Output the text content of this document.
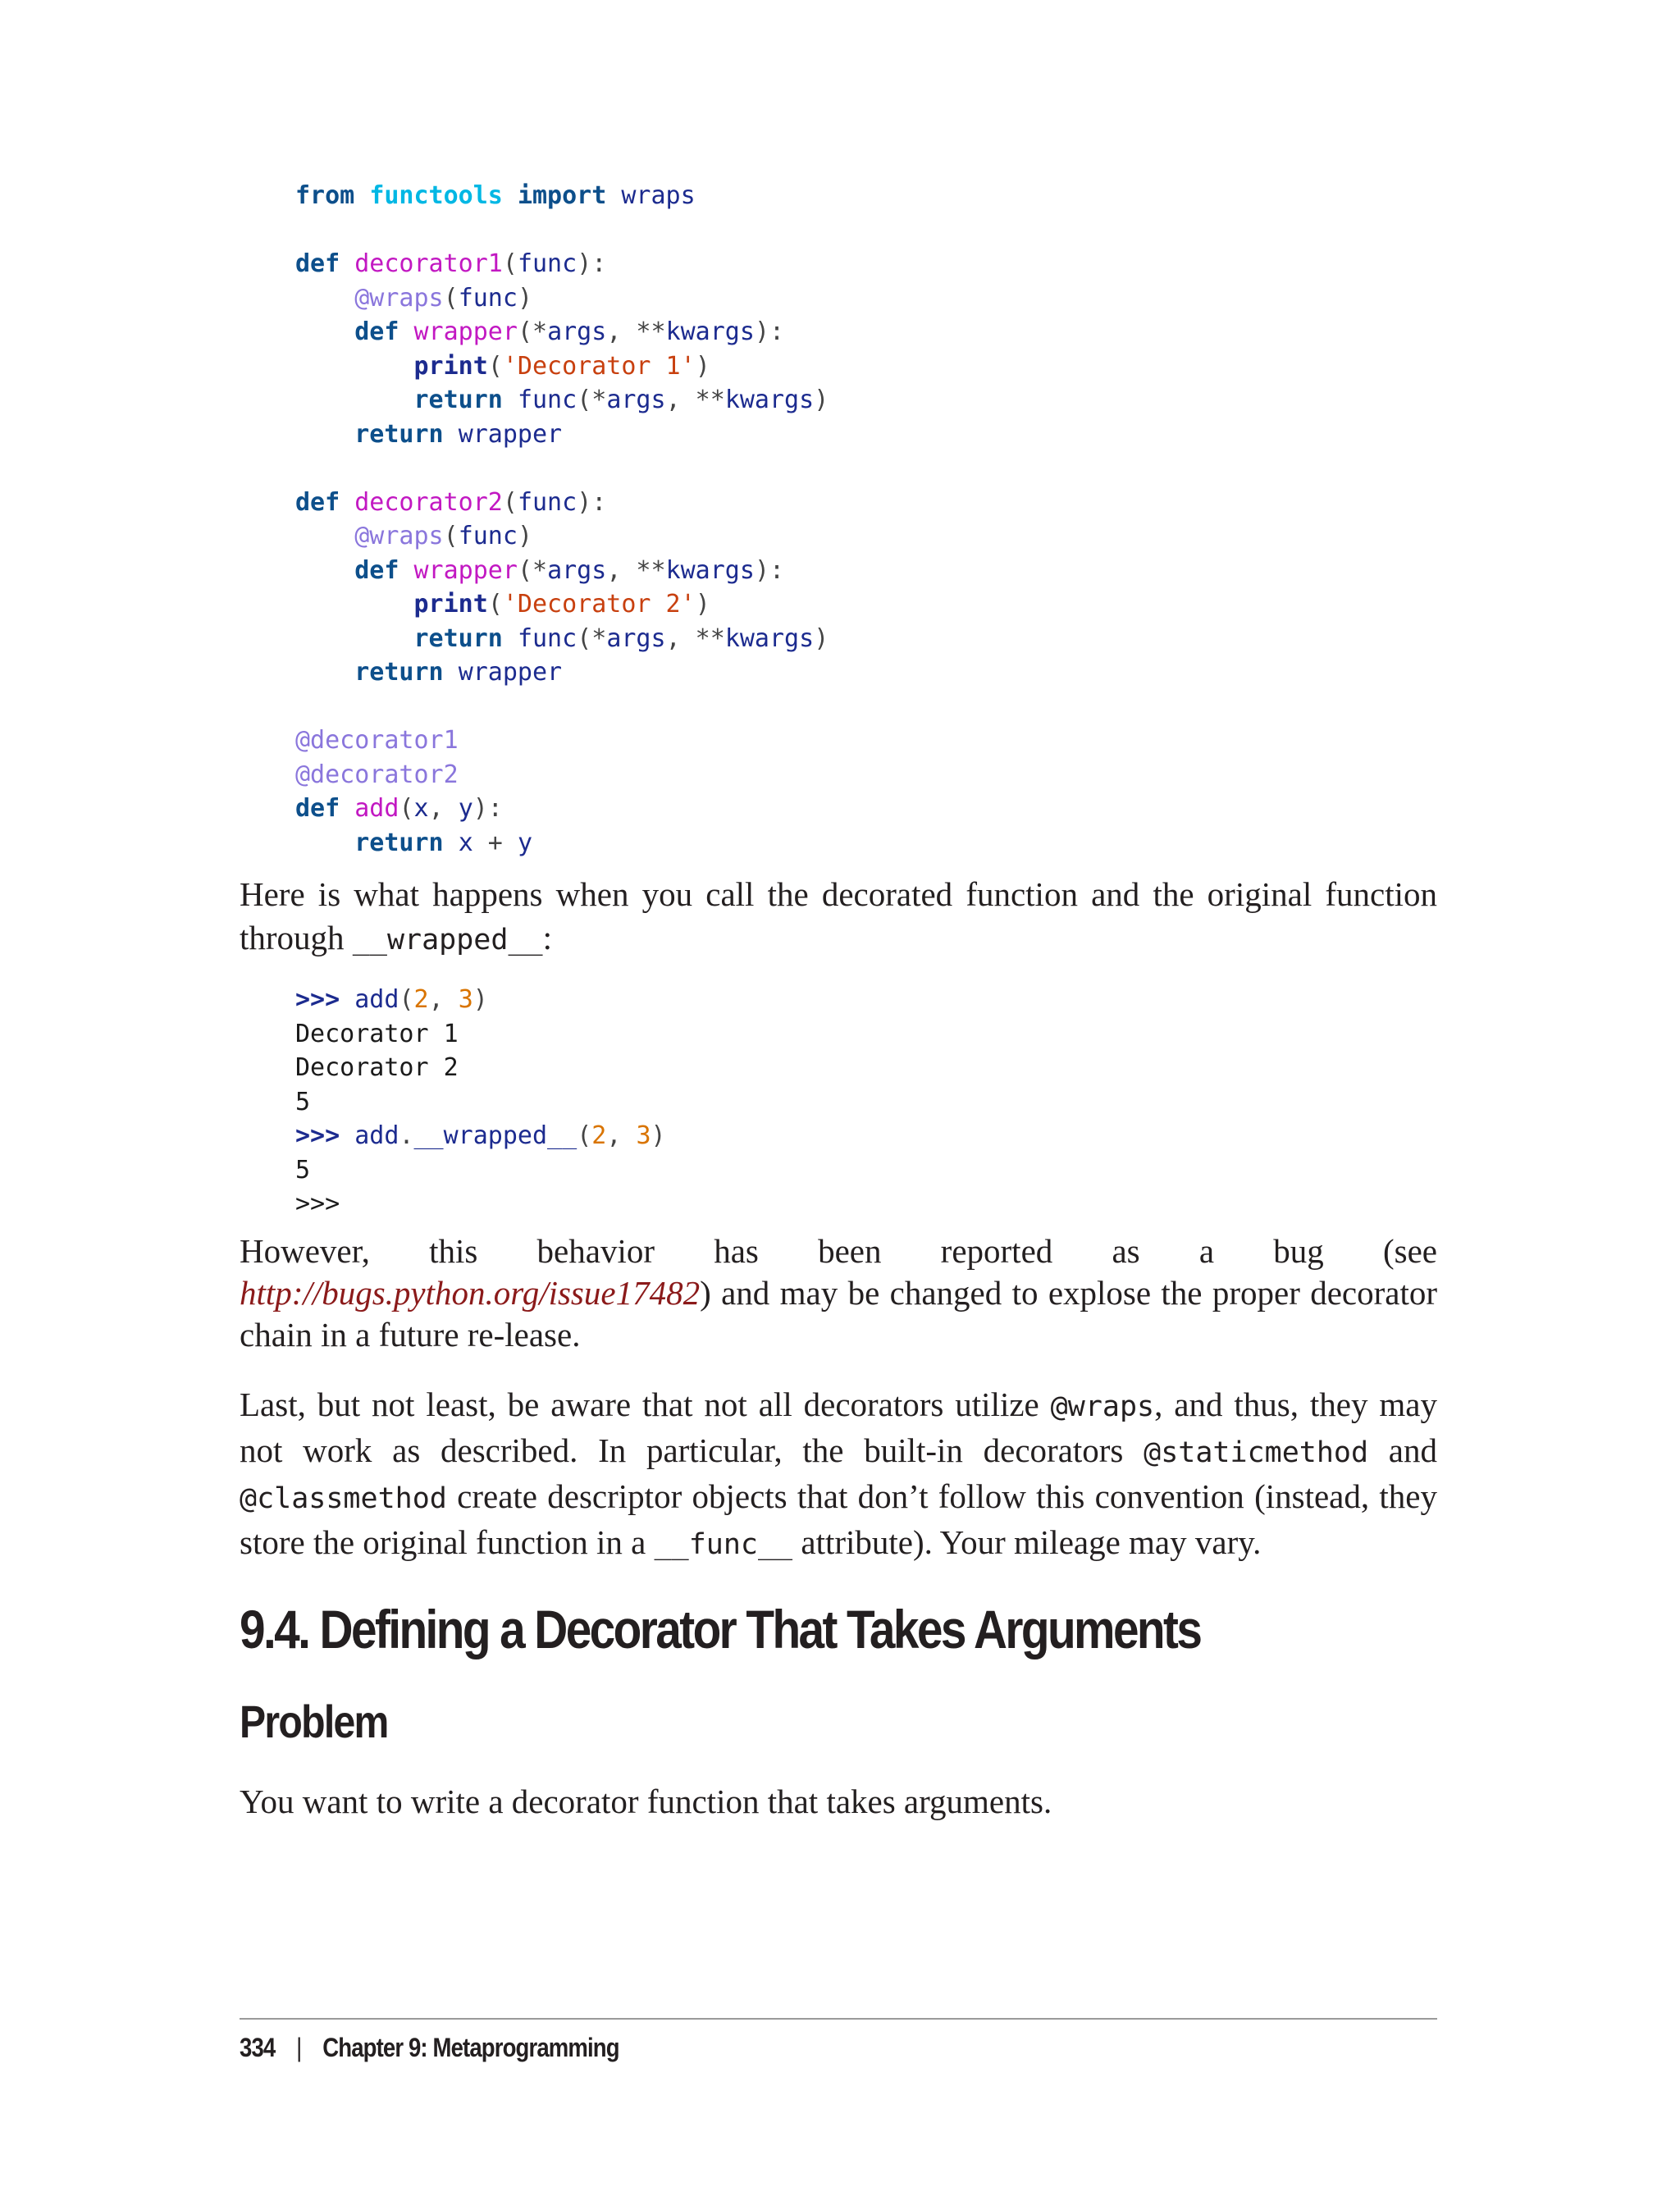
from functools import wraps

def decorator1(func):
@wraps(func)
def wrapper(*args, **kwargs):
print('Decorator 1')
return func(*args, **kwargs)
return wrapper

def decorator2(func):
@wraps(func)
def wrapper(*args, **kwargs):
print('Decorator 2')
return func(*args, **kwargs)
return wrapper

@decorator1
@decorator2
def add(x, y):
return x + y

Here is what happens when you call the decorated function and the original function through __wrapped__:

>>> add(2, 3)
Decorator 1
Decorator 2
5
>>> add.__wrapped__(2, 3)
5
>>>

However, this behavior has been reported as a bug (see http://bugs.python.org/issue17482) and may be changed to explose the proper decorator chain in a future re-lease.

Last, but not least, be aware that not all decorators utilize @wraps, and thus, they may not work as described. In particular, the built-in decorators @staticmethod and @classmethod create descriptor objects that don’t follow this convention (instead, they store the original function in a __func__ attribute). Your mileage may vary.

9.4. Defining a Decorator That Takes Arguments
Problem

You want to write a decorator function that takes arguments.

334 | Chapter 9: Metaprogramming
